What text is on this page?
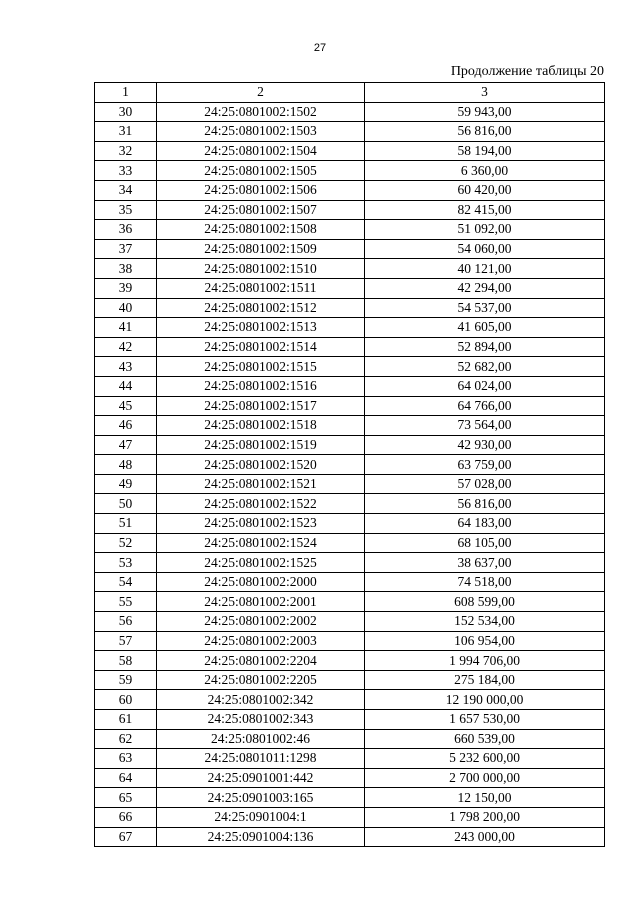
27
Продолжение таблицы 20
1	2	3
30	24:25:0801002:1502	59 943,00
31	24:25:0801002:1503	56 816,00
32	24:25:0801002:1504	58 194,00
33	24:25:0801002:1505	6 360,00
34	24:25:0801002:1506	60 420,00
35	24:25:0801002:1507	82 415,00
36	24:25:0801002:1508	51 092,00
37	24:25:0801002:1509	54 060,00
38	24:25:0801002:1510	40 121,00
39	24:25:0801002:1511	42 294,00
40	24:25:0801002:1512	54 537,00
41	24:25:0801002:1513	41 605,00
42	24:25:0801002:1514	52 894,00
43	24:25:0801002:1515	52 682,00
44	24:25:0801002:1516	64 024,00
45	24:25:0801002:1517	64 766,00
46	24:25:0801002:1518	73 564,00
47	24:25:0801002:1519	42 930,00
48	24:25:0801002:1520	63 759,00
49	24:25:0801002:1521	57 028,00
50	24:25:0801002:1522	56 816,00
51	24:25:0801002:1523	64 183,00
52	24:25:0801002:1524	68 105,00
53	24:25:0801002:1525	38 637,00
54	24:25:0801002:2000	74 518,00
55	24:25:0801002:2001	608 599,00
56	24:25:0801002:2002	152 534,00
57	24:25:0801002:2003	106 954,00
58	24:25:0801002:2204	1 994 706,00
59	24:25:0801002:2205	275 184,00
60	24:25:0801002:342	12 190 000,00
61	24:25:0801002:343	1 657 530,00
62	24:25:0801002:46	660 539,00
63	24:25:0801011:1298	5 232 600,00
64	24:25:0901001:442	2 700 000,00
65	24:25:0901003:165	12 150,00
66	24:25:0901004:1	1 798 200,00
67	24:25:0901004:136	243 000,00
